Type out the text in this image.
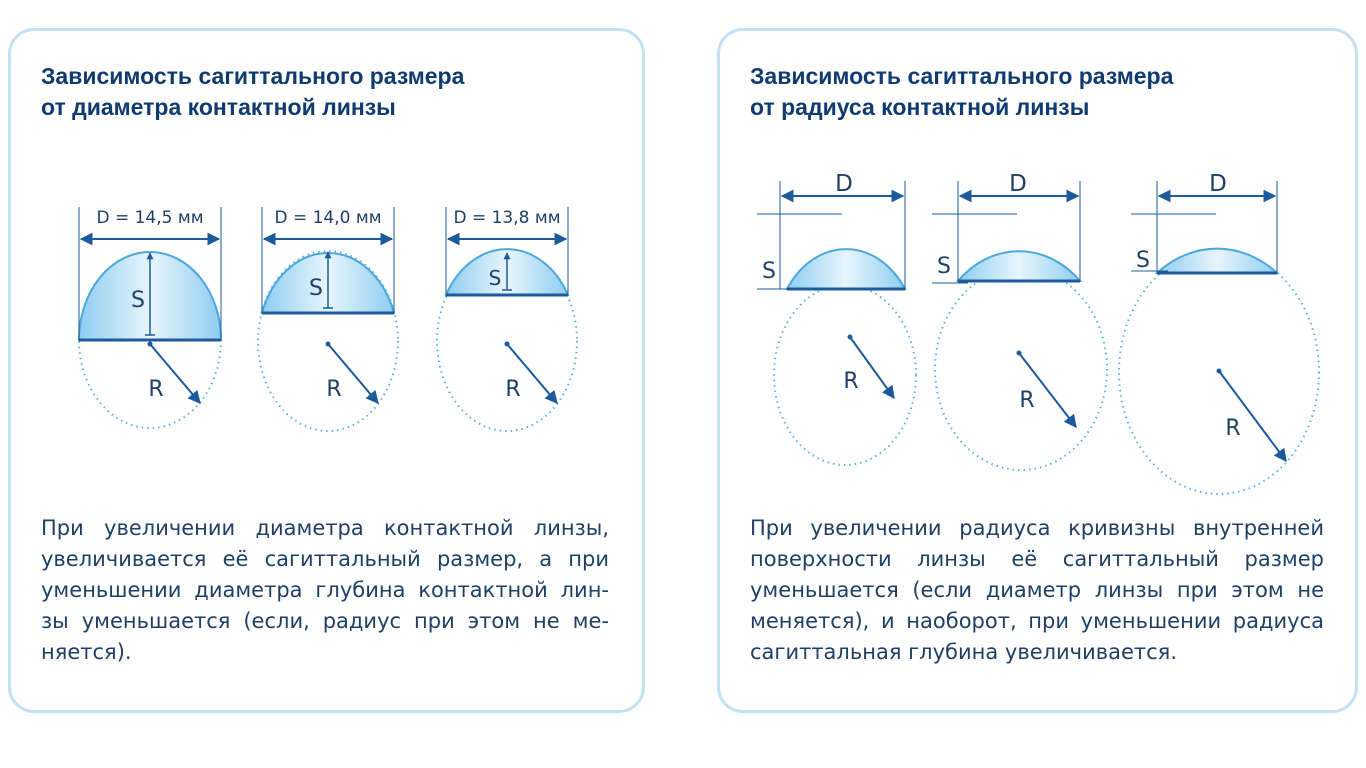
Зависимость сагиттального размера
от диаметра контактной линзы
D = 14,5 мм
S
R
D = 14,0 мм
S
R
D = 13,8 мм
S
R

При увеличении диаметра контактной линзы,
увеличивается её сагиттальный размер, а при
уменьшении диаметра глубина контактной лин-
зы уменьшается (если, радиус при этом не ме-
няется).

Зависимость сагиттального размера
от радиуса контактной линзы
D
S
R
D
S
R
D
S
R

При увеличении радиуса кривизны внутренней
поверхности линзы её сагиттальный размер
уменьшается (если диаметр линзы при этом не
меняется), и наоборот, при уменьшении радиуса
сагиттальная глубина увеличивается.
